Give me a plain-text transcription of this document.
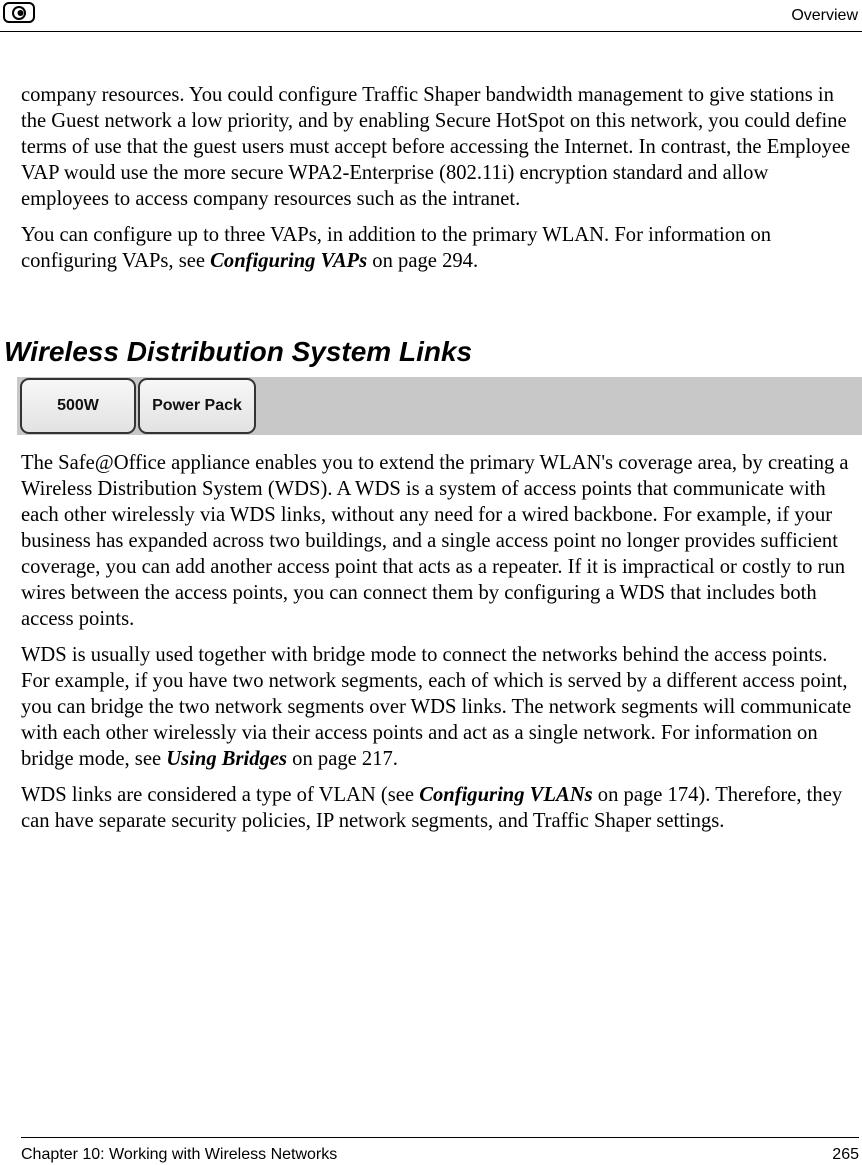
Overview

company resources. You could configure Traffic Shaper bandwidth management to give stations in the Guest network a low priority, and by enabling Secure HotSpot on this network, you could define terms of use that the guest users must accept before accessing the Internet. In contrast, the Employee VAP would use the more secure WPA2-Enterprise (802.11i) encryption standard and allow employees to access company resources such as the intranet.

You can configure up to three VAPs, in addition to the primary WLAN. For information on configuring VAPs, see Configuring VAPs on page 294.

Wireless Distribution System Links
500W	Power Pack

The Safe@Office appliance enables you to extend the primary WLAN's coverage area, by creating a Wireless Distribution System (WDS). A WDS is a system of access points that communicate with each other wirelessly via WDS links, without any need for a wired backbone. For example, if your business has expanded across two buildings, and a single access point no longer provides sufficient coverage, you can add another access point that acts as a repeater. If it is impractical or costly to run wires between the access points, you can connect them by configuring a WDS that includes both access points.

WDS is usually used together with bridge mode to connect the networks behind the access points. For example, if you have two network segments, each of which is served by a different access point, you can bridge the two network segments over WDS links. The network segments will communicate with each other wirelessly via their access points and act as a single network. For information on bridge mode, see Using Bridges on page 217.

WDS links are considered a type of VLAN (see Configuring VLANs on page 174). Therefore, they can have separate security policies, IP network segments, and Traffic Shaper settings.

Chapter 10: Working with Wireless Networks	265
